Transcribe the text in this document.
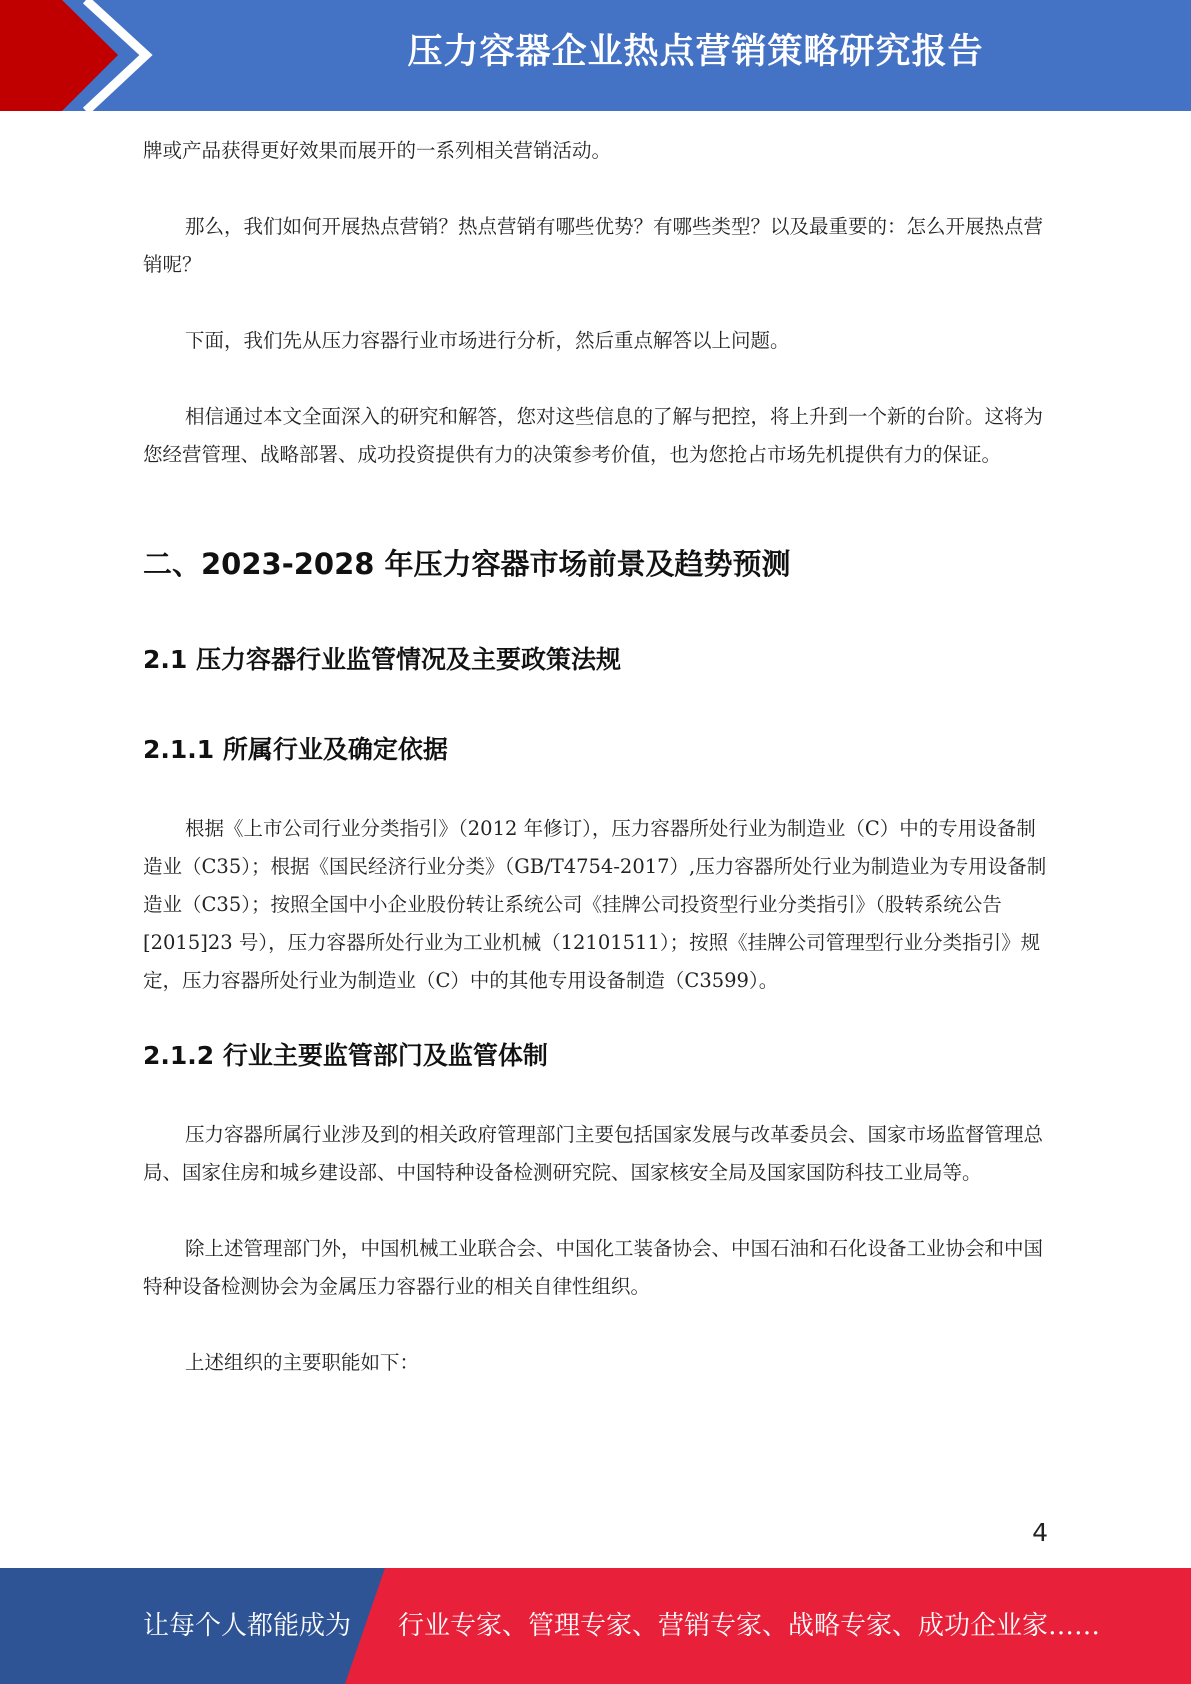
压力容器企业热点营销策略研究报告

牌或产品获得更好效果而展开的一系列相关营销活动。

那么，我们如何开展热点营销？热点营销有哪些优势？有哪些类型？以及最重要的：怎么开展热点营销呢？

下面，我们先从压力容器行业市场进行分析，然后重点解答以上问题。

相信通过本文全面深入的研究和解答，您对这些信息的了解与把控，将上升到一个新的台阶。这将为您经营管理、战略部署、成功投资提供有力的决策参考价值，也为您抢占市场先机提供有力的保证。

二、2023-2028 年压力容器市场前景及趋势预测
2.1 压力容器行业监管情况及主要政策法规
2.1.1 所属行业及确定依据

根据《上市公司行业分类指引》（2012 年修订），压力容器所处行业为制造业（C）中的专用设备制造业（C35）；根据《国民经济行业分类》（GB/T4754-2017）,压力容器所处行业为制造业为专用设备制造业（C35）；按照全国中小企业股份转让系统公司《挂牌公司投资型行业分类指引》（股转系统公告[2015]23 号），压力容器所处行业为工业机械（12101511）；按照《挂牌公司管理型行业分类指引》规定，压力容器所处行业为制造业（C）中的其他专用设备制造（C3599）。

2.1.2 行业主要监管部门及监管体制

压力容器所属行业涉及到的相关政府管理部门主要包括国家发展与改革委员会、国家市场监督管理总局、国家住房和城乡建设部、中国特种设备检测研究院、国家核安全局及国家国防科技工业局等。

除上述管理部门外，中国机械工业联合会、中国化工装备协会、中国石油和石化设备工业协会和中国特种设备检测协会为金属压力容器行业的相关自律性组织。

上述组织的主要职能如下：

4
让每个人都能成为 行业专家、管理专家、营销专家、战略专家、成功企业家……
